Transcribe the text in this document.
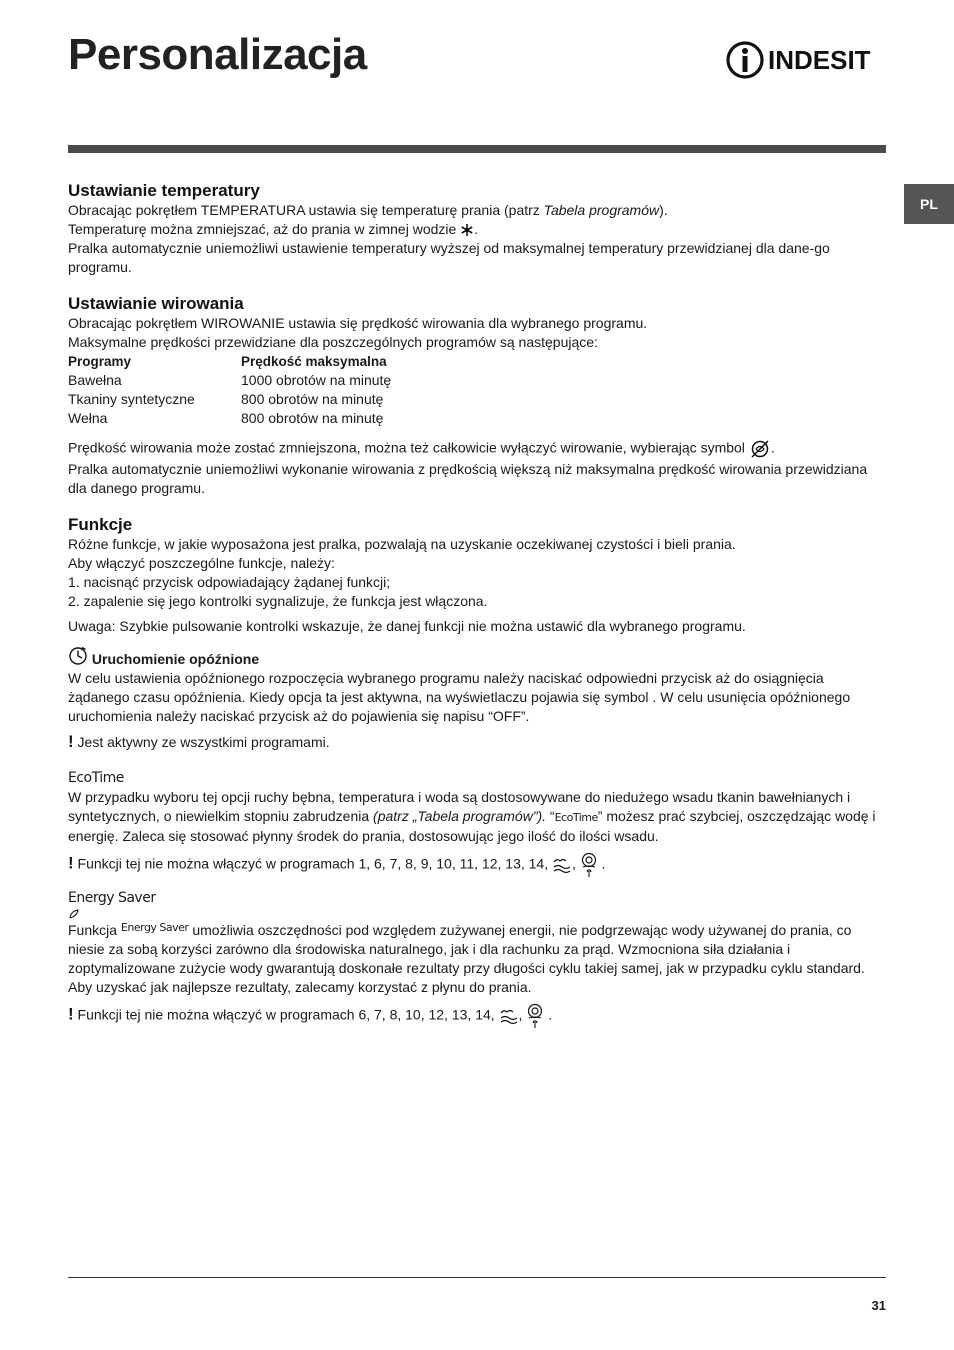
Personalizacja	INDESIT
PL
Ustawianie temperatury

Obracając pokrętłem TEMPERATURA ustawia się temperaturę prania (patrz Tabela programów).

Temperaturę można zmniejszać, aż do prania w zimnej wodzie .

Pralka automatycznie uniemożliwi ustawienie temperatury wyższej od maksymalnej temperatury przewidzianej dla dane-go programu.

Ustawianie wirowania

Obracając pokrętłem WIROWANIE ustawia się prędkość wirowania dla wybranego programu.

Maksymalne prędkości przewidziane dla poszczególnych programów są następujące:

Programy	Prędkość maksymalna
Bawełna	1000 obrotów na minutę
Tkaniny syntetyczne	800 obrotów na minutę
Wełna	800 obrotów na minutę

Prędkość wirowania może zostać zmniejszona, można też całkowicie wyłączyć wirowanie, wybierając symbol .

Pralka automatycznie uniemożliwi wykonanie wirowania z prędkością większą niż maksymalna prędkość wirowania przewidziana dla danego programu.

Funkcje

Różne funkcje, w jakie wyposażona jest pralka, pozwalają na uzyskanie oczekiwanej czystości i bieli prania.

Aby włączyć poszczególne funkcje, należy:

1. nacisnąć przycisk odpowiadający żądanej funkcji;

2. zapalenie się jego kontrolki sygnalizuje, że funkcja jest włączona.

Uwaga: Szybkie pulsowanie kontrolki wskazuje, że danej funkcji nie można ustawić dla wybranego programu.

Uruchomienie opóźnione

W celu ustawienia opóźnionego rozpoczęcia wybranego programu należy naciskać odpowiedni przycisk aż do osiągnięcia żądanego czasu opóźnienia. Kiedy opcja ta jest aktywna, na wyświetlaczu pojawia się symbol . W celu usunięcia opóźnionego uruchomienia należy naciskać przycisk aż do pojawienia się napisu “OFF”.

! Jest aktywny ze wszystkimi programami.

EcoTime

W przypadku wyboru tej opcji ruchy bębna, temperatura i woda są dostosowywane do niedużego wsadu tkanin bawełnianych i syntetycznych, o niewielkim stopniu zabrudzenia (patrz „Tabela programów”). “EcoTime” możesz prać szybciej, oszczędzając wodę i energię. Zaleca się stosować płynny środek do prania, dostosowując jego ilość do ilości wsadu.

! Funkcji tej nie można włączyć w programach 1, 6, 7, 8, 9, 10, 11, 12, 13, 14, ,  .

Energy Saver

Funkcja $^{Energy Saver}$ umożliwia oszczędności pod względem zużywanej energii, nie podgrzewając wody używanej do prania, co niesie za sobą korzyści zarówno dla środowiska naturalnego, jak i dla rachunku za prąd. Wzmocniona siła działania i zoptymalizowane zużycie wody gwarantują doskonałe rezultaty przy długości cyklu takiej samej, jak w przypadku cyklu standard. Aby uzyskać jak najlepsze rezultaty, zalecamy korzystać z płynu do prania.

! Funkcji tej nie można włączyć w programach 6, 7, 8, 10, 12, 13, 14, ,  .

31
